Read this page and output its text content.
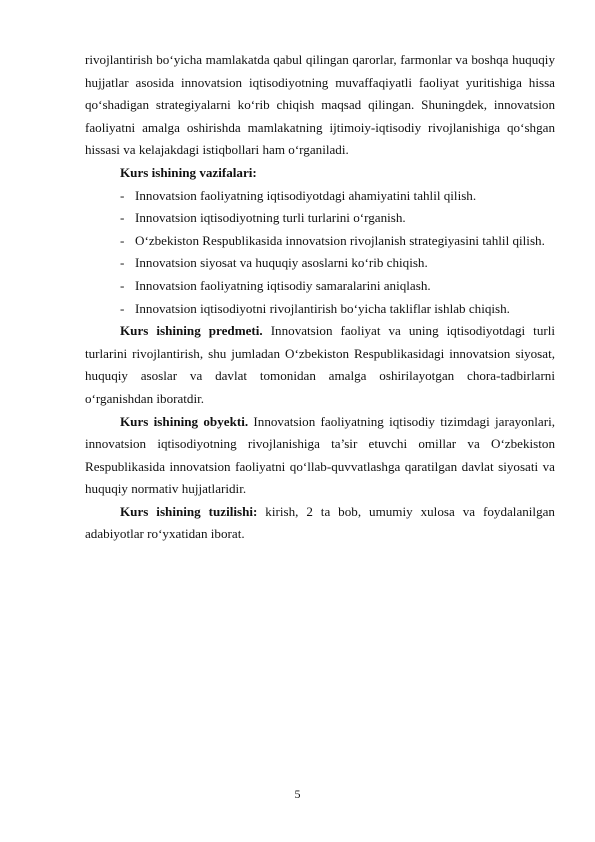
rivojlantirish bo‘yicha mamlakatda qabul qilingan qarorlar, farmonlar va boshqa huquqiy hujjatlar asosida innovatsion iqtisodiyotning muvaffaqiyatli faoliyat yuritishiga hissa qo‘shadigan strategiyalarni ko‘rib chiqish maqsad qilingan. Shuningdek, innovatsion faoliyatni amalga oshirishda mamlakatning ijtimoiy-iqtisodiy rivojlanishiga qo‘shgan hissasi va kelajakdagi istiqbollari ham o‘rganiladi.

Kurs ishining vazifalari:

- Innovatsion faoliyatning iqtisodiyotdagi ahamiyatini tahlil qilish.

- Innovatsion iqtisodiyotning turli turlarini o‘rganish.

- O‘zbekiston Respublikasida innovatsion rivojlanish strategiyasini tahlil qilish.

- Innovatsion siyosat va huquqiy asoslarni ko‘rib chiqish.

- Innovatsion faoliyatning iqtisodiy samaralarini aniqlash.

- Innovatsion iqtisodiyotni rivojlantirish bo‘yicha takliflar ishlab chiqish.

Kurs ishining predmeti. Innovatsion faoliyat va uning iqtisodiyotdagi turli turlarini rivojlantirish, shu jumladan O‘zbekiston Respublikasidagi innovatsion siyosat, huquqiy asoslar va davlat tomonidan amalga oshirilayotgan chora-tadbirlarni o‘rganishdan iboratdir.

Kurs ishining obyekti. Innovatsion faoliyatning iqtisodiy tizimdagi jarayonlari, innovatsion iqtisodiyotning rivojlanishiga ta’sir etuvchi omillar va O‘zbekiston Respublikasida innovatsion faoliyatni qo‘llab-quvvatlashga qaratilgan davlat siyosati va huquqiy normativ hujjatlaridir.

Kurs ishining tuzilishi: kirish, 2 ta bob, umumiy xulosa va foydalanilgan adabiyotlar ro‘yxatidan iborat.

5
